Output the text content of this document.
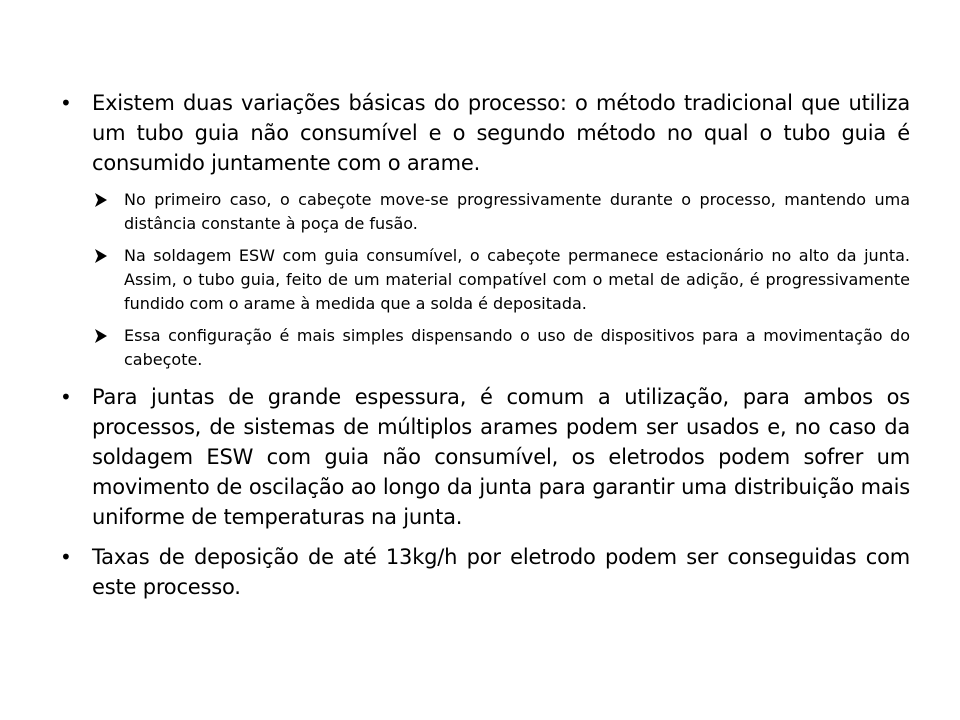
• Existem duas variações básicas do processo: o método tradicional que utiliza um tubo guia não consumível e o segundo método no qual o tubo guia é consumido juntamente com o arame.
No primeiro caso, o cabeçote move-se progressivamente durante o processo, mantendo uma distância constante à poça de fusão.
Na soldagem ESW com guia consumível, o cabeçote permanece estacionário no alto da junta. Assim, o tubo guia, feito de um material compatível com o metal de adição, é progressivamente fundido com o arame à medida que a solda é depositada.
Essa configuração é mais simples dispensando o uso de dispositivos para a movimentação do cabeçote.
• Para juntas de grande espessura, é comum a utilização, para ambos os processos, de sistemas de múltiplos arames podem ser usados e, no caso da soldagem ESW com guia não consumível, os eletrodos podem sofrer um movimento de oscilação ao longo da junta para garantir uma distribuição mais uniforme de temperaturas na junta.
• Taxas de deposição de até 13kg/h por eletrodo podem ser conseguidas com este processo.
